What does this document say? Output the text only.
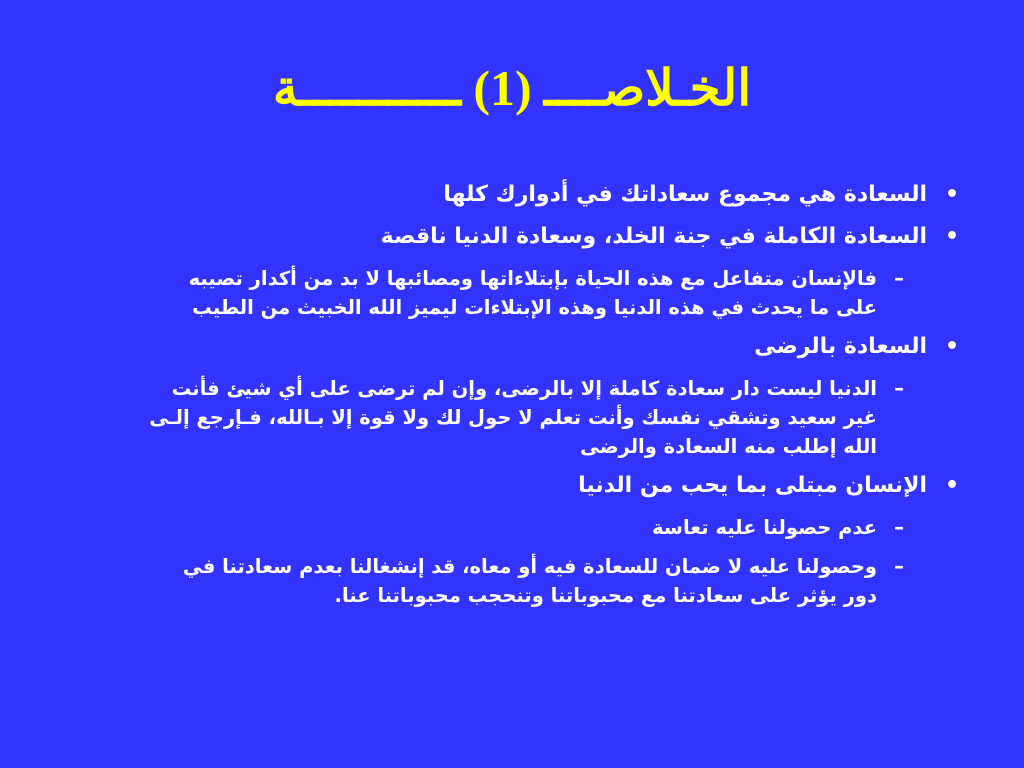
الخـلاصــــ (1) ـــــــــــة
•
السعادة هي مجموع سعاداتك في أدوارك كلها
•
السعادة الكاملة في جنة الخلد، وسعادة الدنيا ناقصة
–
فالإنسان متفاعل مع هذه الحياة بإبتلاءاتها ومصائبها لا بد من أكدار تصيبه
على ما يحدث في هذه الدنيا وهذه الإبتلاءات ليميز الله الخبيث من الطيب
•
السعادة بالرضى
–
الدنيا ليست دار سعادة كاملة إلا بالرضى، وإن لم ترضى على أي شيئ فأنت
غير سعيد وتشقي نفسك وأنت تعلم لا حول لك ولا قوة إلا بـالله، فـإرجع إلـى
الله إطلب منه السعادة والرضى
•
الإنسان مبتلى بما يحب من الدنيا
–
عدم حصولنا عليه تعاسة
–
وحصولنا عليه لا ضمان للسعادة فيه أو معاه، قد إنشغالنا بعدم سعادتنا في
دور يؤثر على سعادتنا مع محبوباتنا وتنحجب محبوباتنا عنا.
